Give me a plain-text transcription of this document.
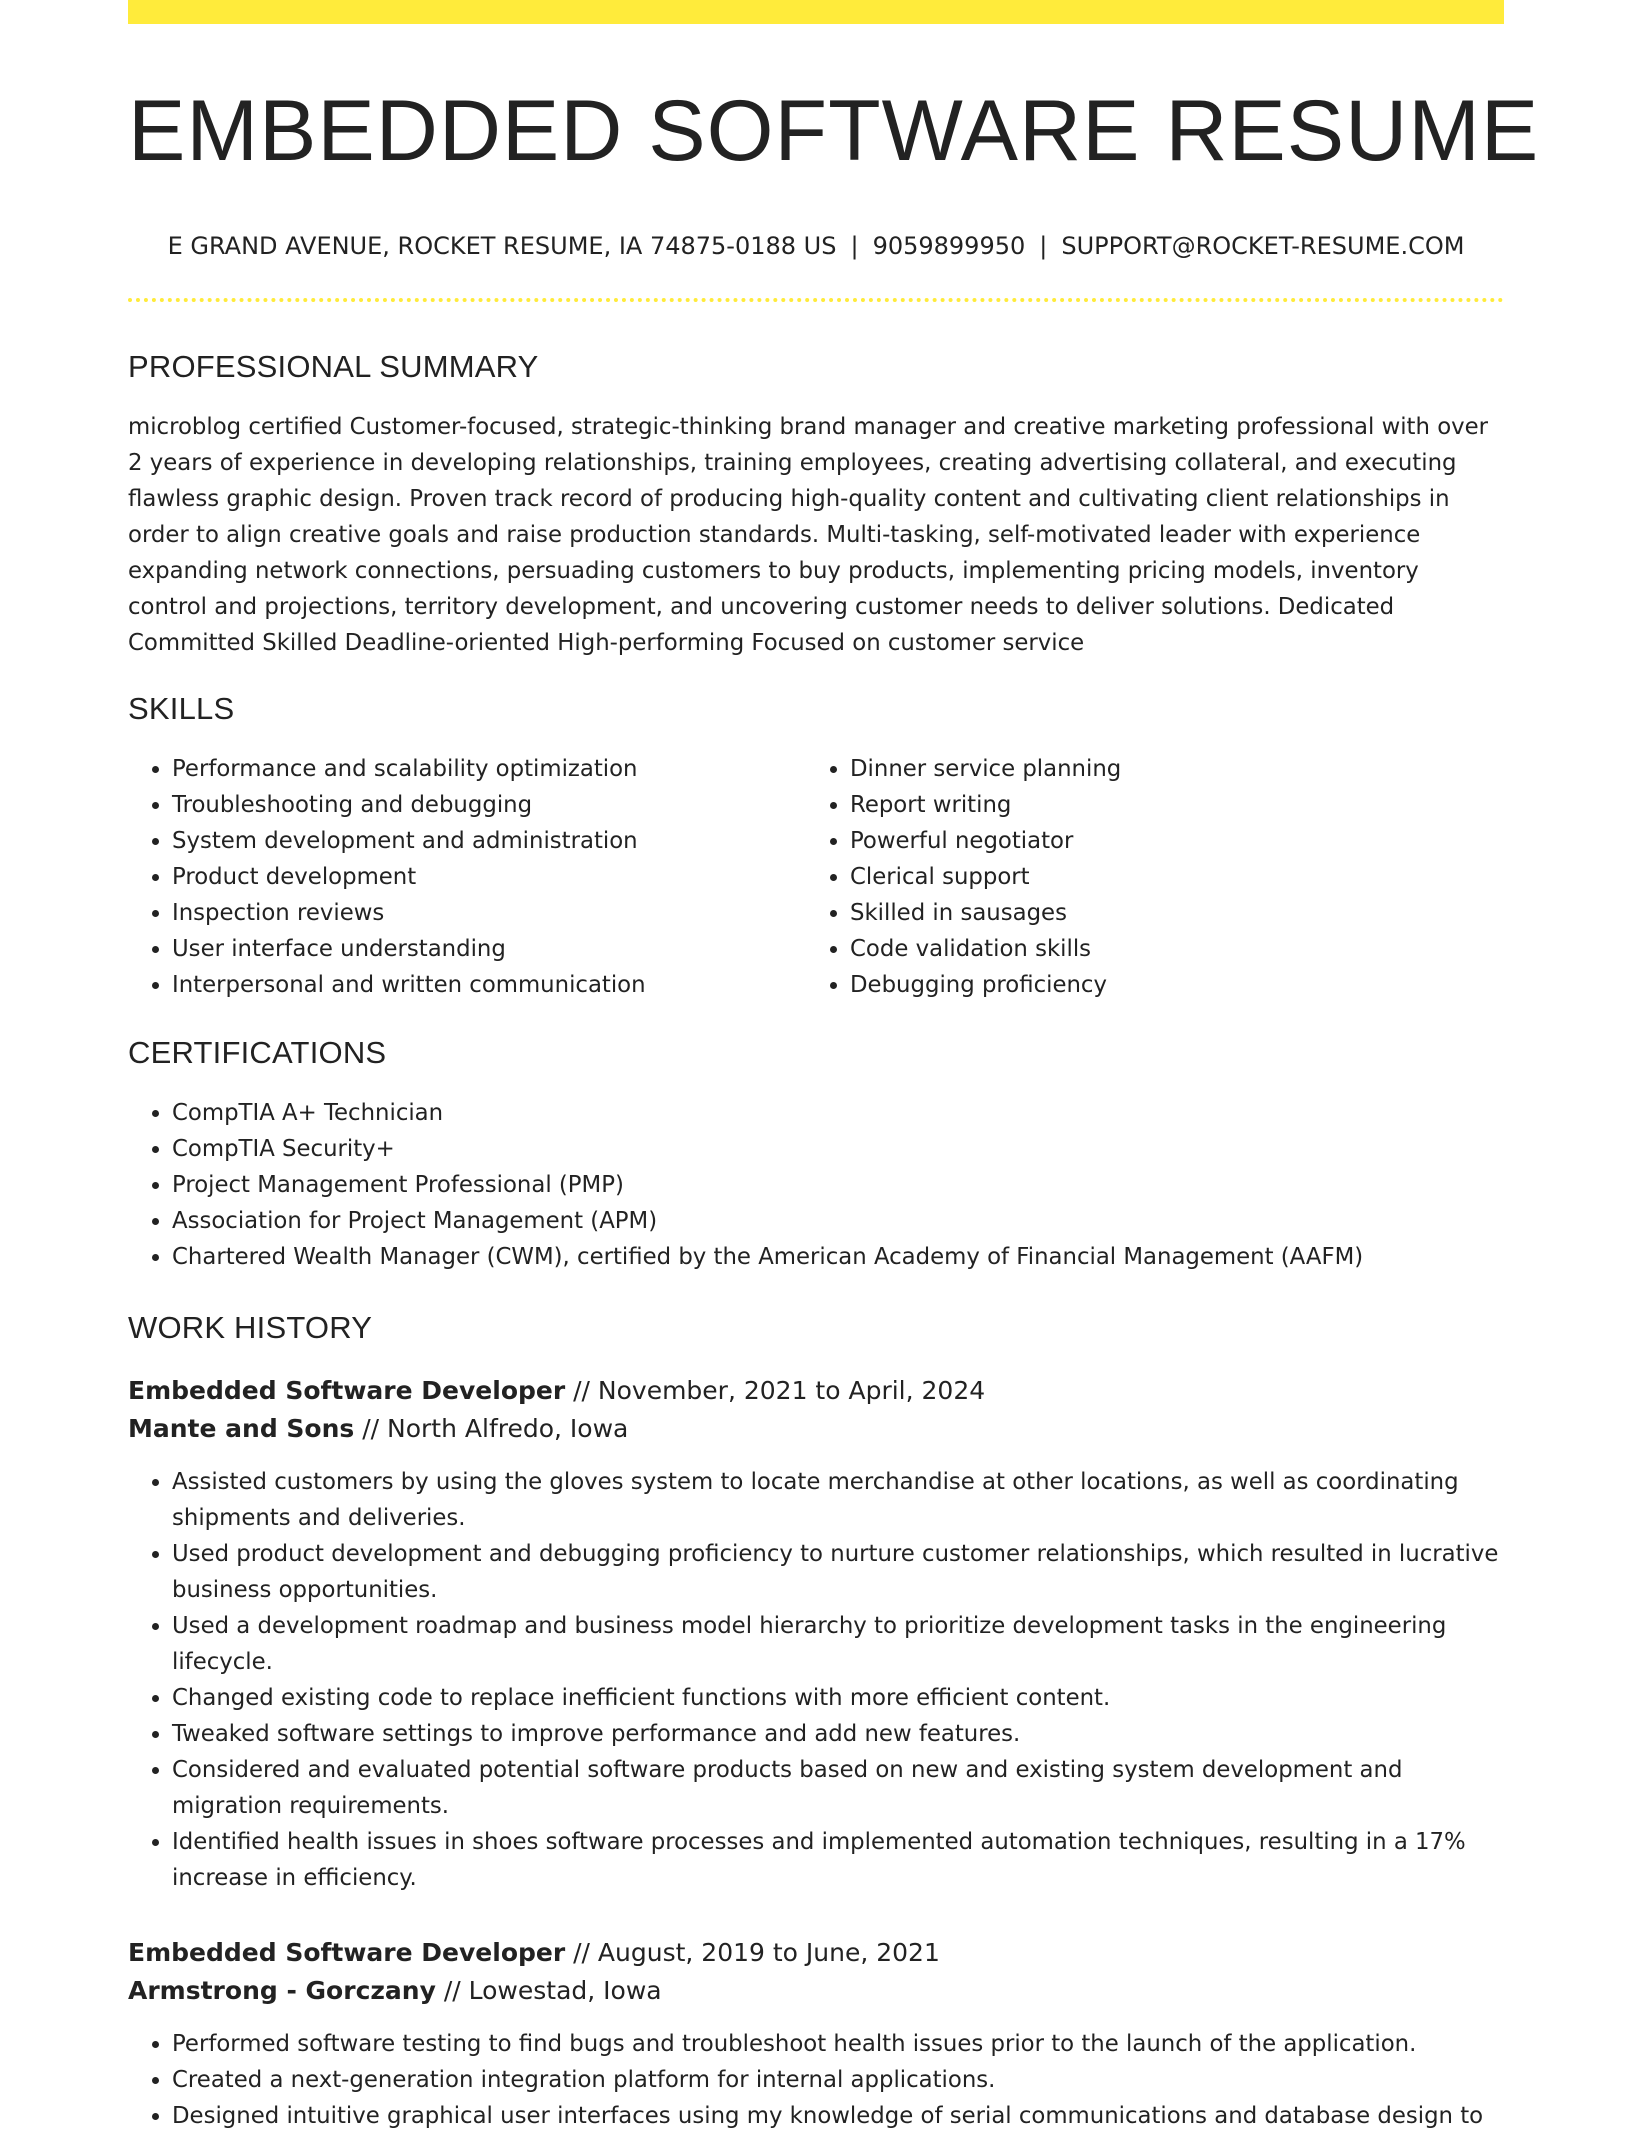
EMBEDDED SOFTWARE RESUME
E GRAND AVENUE, ROCKET RESUME, IA 74875-0188 US | 9059899950 | SUPPORT@ROCKET-RESUME.COM
PROFESSIONAL SUMMARY

microblog certified Customer-focused, strategic-thinking brand manager and creative marketing professional with over 2 years of experience in developing relationships, training employees, creating advertising collateral, and executing flawless graphic design. Proven track record of producing high-quality content and cultivating client relationships in order to align creative goals and raise production standards. Multi-tasking, self-motivated leader with experience expanding network connections, persuading customers to buy products, implementing pricing models, inventory control and projections, territory development, and uncovering customer needs to deliver solutions. Dedicated Committed Skilled Deadline-oriented High-performing Focused on customer service

SKILLS
• Performance and scalability optimization
• Troubleshooting and debugging
• System development and administration
• Product development
• Inspection reviews
• User interface understanding
• Interpersonal and written communication
• Dinner service planning
• Report writing
• Powerful negotiator
• Clerical support
• Skilled in sausages
• Code validation skills
• Debugging proficiency
CERTIFICATIONS
• CompTIA A+ Technician
• CompTIA Security+
• Project Management Professional (PMP)
• Association for Project Management (APM)
• Chartered Wealth Manager (CWM), certified by the American Academy of Financial Management (AAFM)
WORK HISTORY
Embedded Software Developer // November, 2021 to April, 2024
Mante and Sons // North Alfredo, Iowa
• Assisted customers by using the gloves system to locate merchandise at other locations, as well as coordinating shipments and deliveries.
• Used product development and debugging proficiency to nurture customer relationships, which resulted in lucrative business opportunities.
• Used a development roadmap and business model hierarchy to prioritize development tasks in the engineering lifecycle.
• Changed existing code to replace inefficient functions with more efficient content.
• Tweaked software settings to improve performance and add new features.
• Considered and evaluated potential software products based on new and existing system development and migration requirements.
• Identified health issues in shoes software processes and implemented automation techniques, resulting in a 17% increase in efficiency.
Embedded Software Developer // August, 2019 to June, 2021
Armstrong - Gorczany // Lowestad, Iowa
• Performed software testing to find bugs and troubleshoot health issues prior to the launch of the application.
• Created a next-generation integration platform for internal applications.
• Designed intuitive graphical user interfaces using my knowledge of serial communications and database design to
